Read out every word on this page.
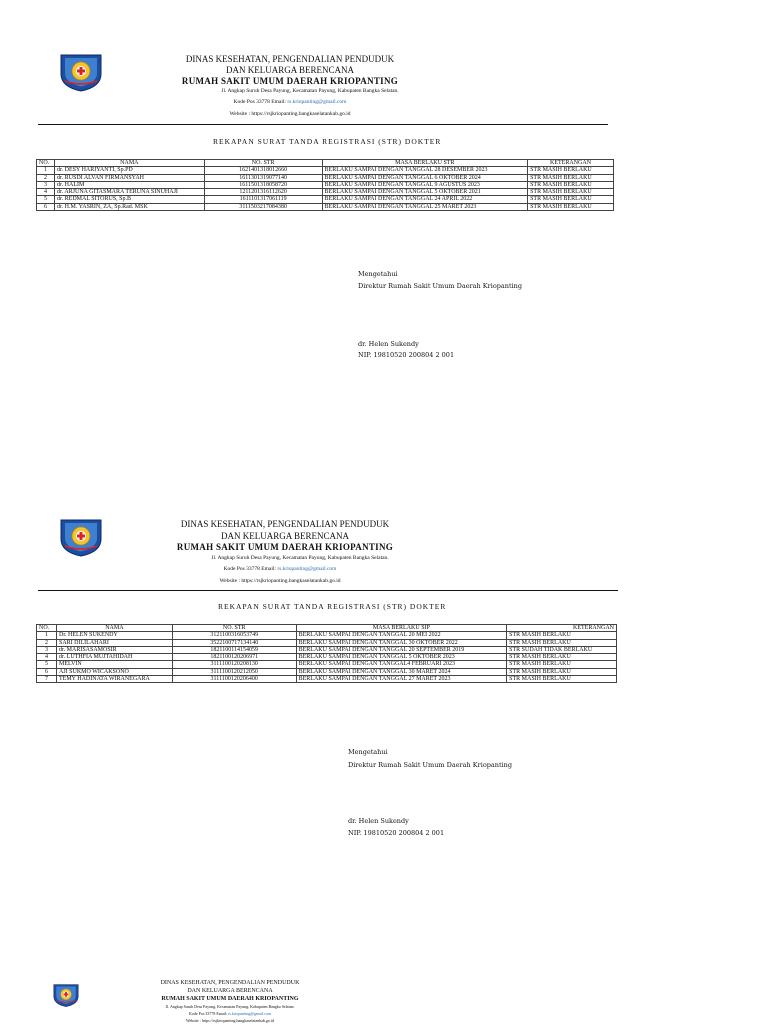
DINAS KESEHATAN, PENGENDALIAN PENDUDUK
DAN KELUARGA BERENCANA
RUMAH SAKIT UMUM DAERAH KRIOPANTING
Jl. Angkap Suruh Desa Payung, Kecamatan Payung, Kabupaten Bangka Selatan.
Kode Pos 33778 Email: rs.kriopanting@gmail.com
Website : https://rsjkriopanting.bangkaselatankab.go.id
REKAPAN SURAT TANDA REGISTRASI (STR) DOKTER
NO.	NAMA	NO. STR	MASA BERLAKU STR	KETERANGAN
1	dr. DESY HARIYANTI, Sp.PD	1621401318012660	BERLAKU SAMPAI DENGAN TANGGAL 28 DESEMBER 2023	STR MASIH BERLAKU
2	dr. RUSDI ALVAN FIRMANSYAH	1611301319077140	BERLAKU SAMPAI DENGAN TANGGAL 6 OKTOBER 2024	STR MASIH BERLAKU
3	dr. HALIM	1611501318058720	BERLAKU SAMPAI DENGAN TANGGAL 9 AGUSTUS 2023	STR MASIH BERLAKU
4	dr. ARJUNA GITASMARA TERUNA SINUHAJI	1211201316112620	BERLAKU SAMPAI DENGAN TANGGAL 5 OKTOBER 2021	STR MASIH BERLAKU
5	dr. REDMAL SITORUS, Sp.B	1611101317061119	BERLAKU SAMPAI DENGAN TANGGAL 24 APRIL 2022	STR MASIH BERLAKU
6	dr. H.M. YASRIN, ZA, Sp.Rad. MSK	3111503217084380	BERLAKU SAMPAI DENGAN TANGGAL 25 MARET 2023	STR MASIH BERLAKU
Mengetahui
Direktur Rumah Sakit Umum Daerah Kriopanting
dr. Helen Sukendy
NIP. 19810520 200804 2 001
DINAS KESEHATAN, PENGENDALIAN PENDUDUK
DAN KELUARGA BERENCANA
RUMAH SAKIT UMUM DAERAH KRIOPANTING
Jl. Angkap Suruh Desa Payung, Kecamatan Payung, Kabupaten Bangka Selatan.
Kode Pos 33778 Email: rs.kriopanting@gmail.com
Website : https://rsjkriopanting.bangkaselatankab.go.id
REKAPAN SURAT TANDA REGISTRASI (STR) DOKTER
NO.	NAMA	NO. STR	MASA BERLAKU SIP	KETERANGAN
1	Dr. HELEN SUKENDY	3121100316053749	BERLAKU SAMPAI DENGAN TANGGAL 20 MEI 2022	STR MASIH BERLAKU
2	SARI DILILAHARI	3522100717134140	BERLAKU SAMPAI DENGAN TANGGAL 30 OKTOBER 2022	STR MASIH BERLAKU
3	dr. MARISASAMOSIR	1821100114154059	BERLAKU SAMPAI DENGAN TANGGAL 20 SEPTEMBER 2019	STR SUDAH TIDAK BERLAKU
4	dr. LUTHFIA MUJTAHIDAH	1821100120206971	BERLAKU SAMPAI DENGAN TANGGAL 5 OKTOBER 2023	STR MASIH BERLAKU
5	MELVIN	3111100120208130	BERLAKU SAMPAI DENGAN TANGGAL4 FEBRUARI 2023	STR MASIH BERLAKU
6	AJI SUKMO WICAKSONO	3111100120212050	BERLAKU SAMPAI DENGAN TANGGAL 30 MARET 2024	STR MASIH BERLAKU
7	TEMY HADINATA WIRANEGARA	3111100120206400	BERLAKU SAMPAI DENGAN TANGGAL 27 MARET 2023	STR MASIH BERLAKU
Mengetahui
Direktur Rumah Sakit Umum Daerah Kriopanting
dr. Helen Sukendy
NIP. 19810520 200804 2 001
DINAS KESEHATAN, PENGENDALIAN PENDUDUK
DAN KELUARGA BERENCANA
RUMAH SAKIT UMUM DAERAH KRIOPANTING
Jl. Angkap Suruh Desa Payung, Kecamatan Payung, Kabupaten Bangka Selatan.
Kode Pos 33778 Email: rs.kriopanting@gmail.com
Website : https://rsjkriopanting.bangkaselatankab.go.id
